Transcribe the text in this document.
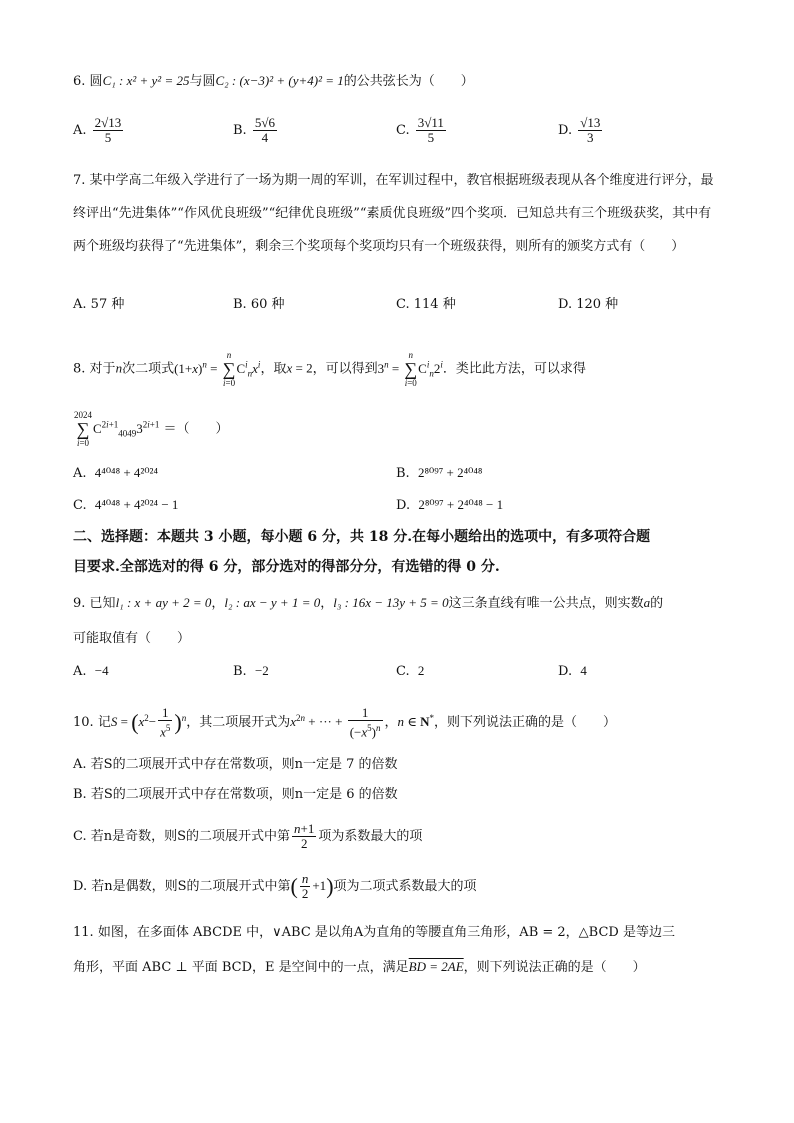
6. 圆C₁ : x² + y² = 25与圆C₂ : (x−3)² + (y+4)² = 1的公共弦长为（　　）
A. $\frac{2√13}{5}$	B. $\frac{5√6}{4}$	C. $\frac{3√11}{5}$	D. $\frac{√13}{3}$
7. 某中学高二年级入学进行了一场为期一周的军训，在军训过程中，教官根据班级表现从各个维度进行评分，最终评出“先进集体”“作风优良班级”“纪律优良班级”“素质优良班级”四个奖项．已知总共有三个班级获奖，其中有两个班级均获得了“先进集体”，剩余三个奖项每个奖项均只有一个班级获得，则所有的颁奖方式有（　　）
A. 57 种	B. 60 种	C. 114 种	D. 120 种
8. 对于n次二项式$(1+x)^n = n$
∑
$i=0C^i_nx^i$，取x = 2，可以得到$3^n = n$
∑
$i=0C^i_n2^i$．类比此方法，可以求得
2024
∑
$i=0C^{2i+1}_{4049}3^{2i+1}$ ＝（　　）
A. 4⁴⁰⁴⁸ + 4²⁰²⁴	B. 2⁸⁰⁹⁷ + 2⁴⁰⁴⁸
C. 4⁴⁰⁴⁸ + 4²⁰²⁴ − 1	D. 2⁸⁰⁹⁷ + 2⁴⁰⁴⁸ − 1
二、选择题：本题共 3 小题，每小题 6 分，共 18 分.在每小题给出的选项中，有多项符合题
目要求.全部选对的得 6 分，部分选对的得部分分，有选错的得 0 分.
9. 已知l₁ : x + ay + 2 = 0，l₂ : ax − y + 1 = 0，l₃ : 16x − 13y + 5 = 0这三条直线有唯一公共点，则实数a的
可能取值有（　　）
A. −4	B. −2	C. 2	D. 4
10. 记$S = (x^2- \frac{1}{x^5} )^n$，其二项展开式为$x^{2n}$ + ··· + $\frac{1}{(-x^5)^n}$ ，n ∈ N*，则下列说法正确的是（　　）
A. 若S的二项展开式中存在常数项，则n一定是 7 的倍数
B. 若S的二项展开式中存在常数项，则n一定是 6 的倍数
C. 若n是奇数，则S的二项展开式中第 $\frac{n+1}{2}$ 项为系数最大的项
D. 若n是偶数，则S的二项展开式中第( $\frac{n}{2} +1$)项为二项式系数最大的项
11. 如图，在多面体 ABCDE 中，∨ABC 是以角A为直角的等腰直角三角形，AB = 2，△BCD 是等边三
角形，平面 ABC ⊥ 平面 BCD，E 是空间中的一点，满足BD = 2AE，则下列说法正确的是（　　）
